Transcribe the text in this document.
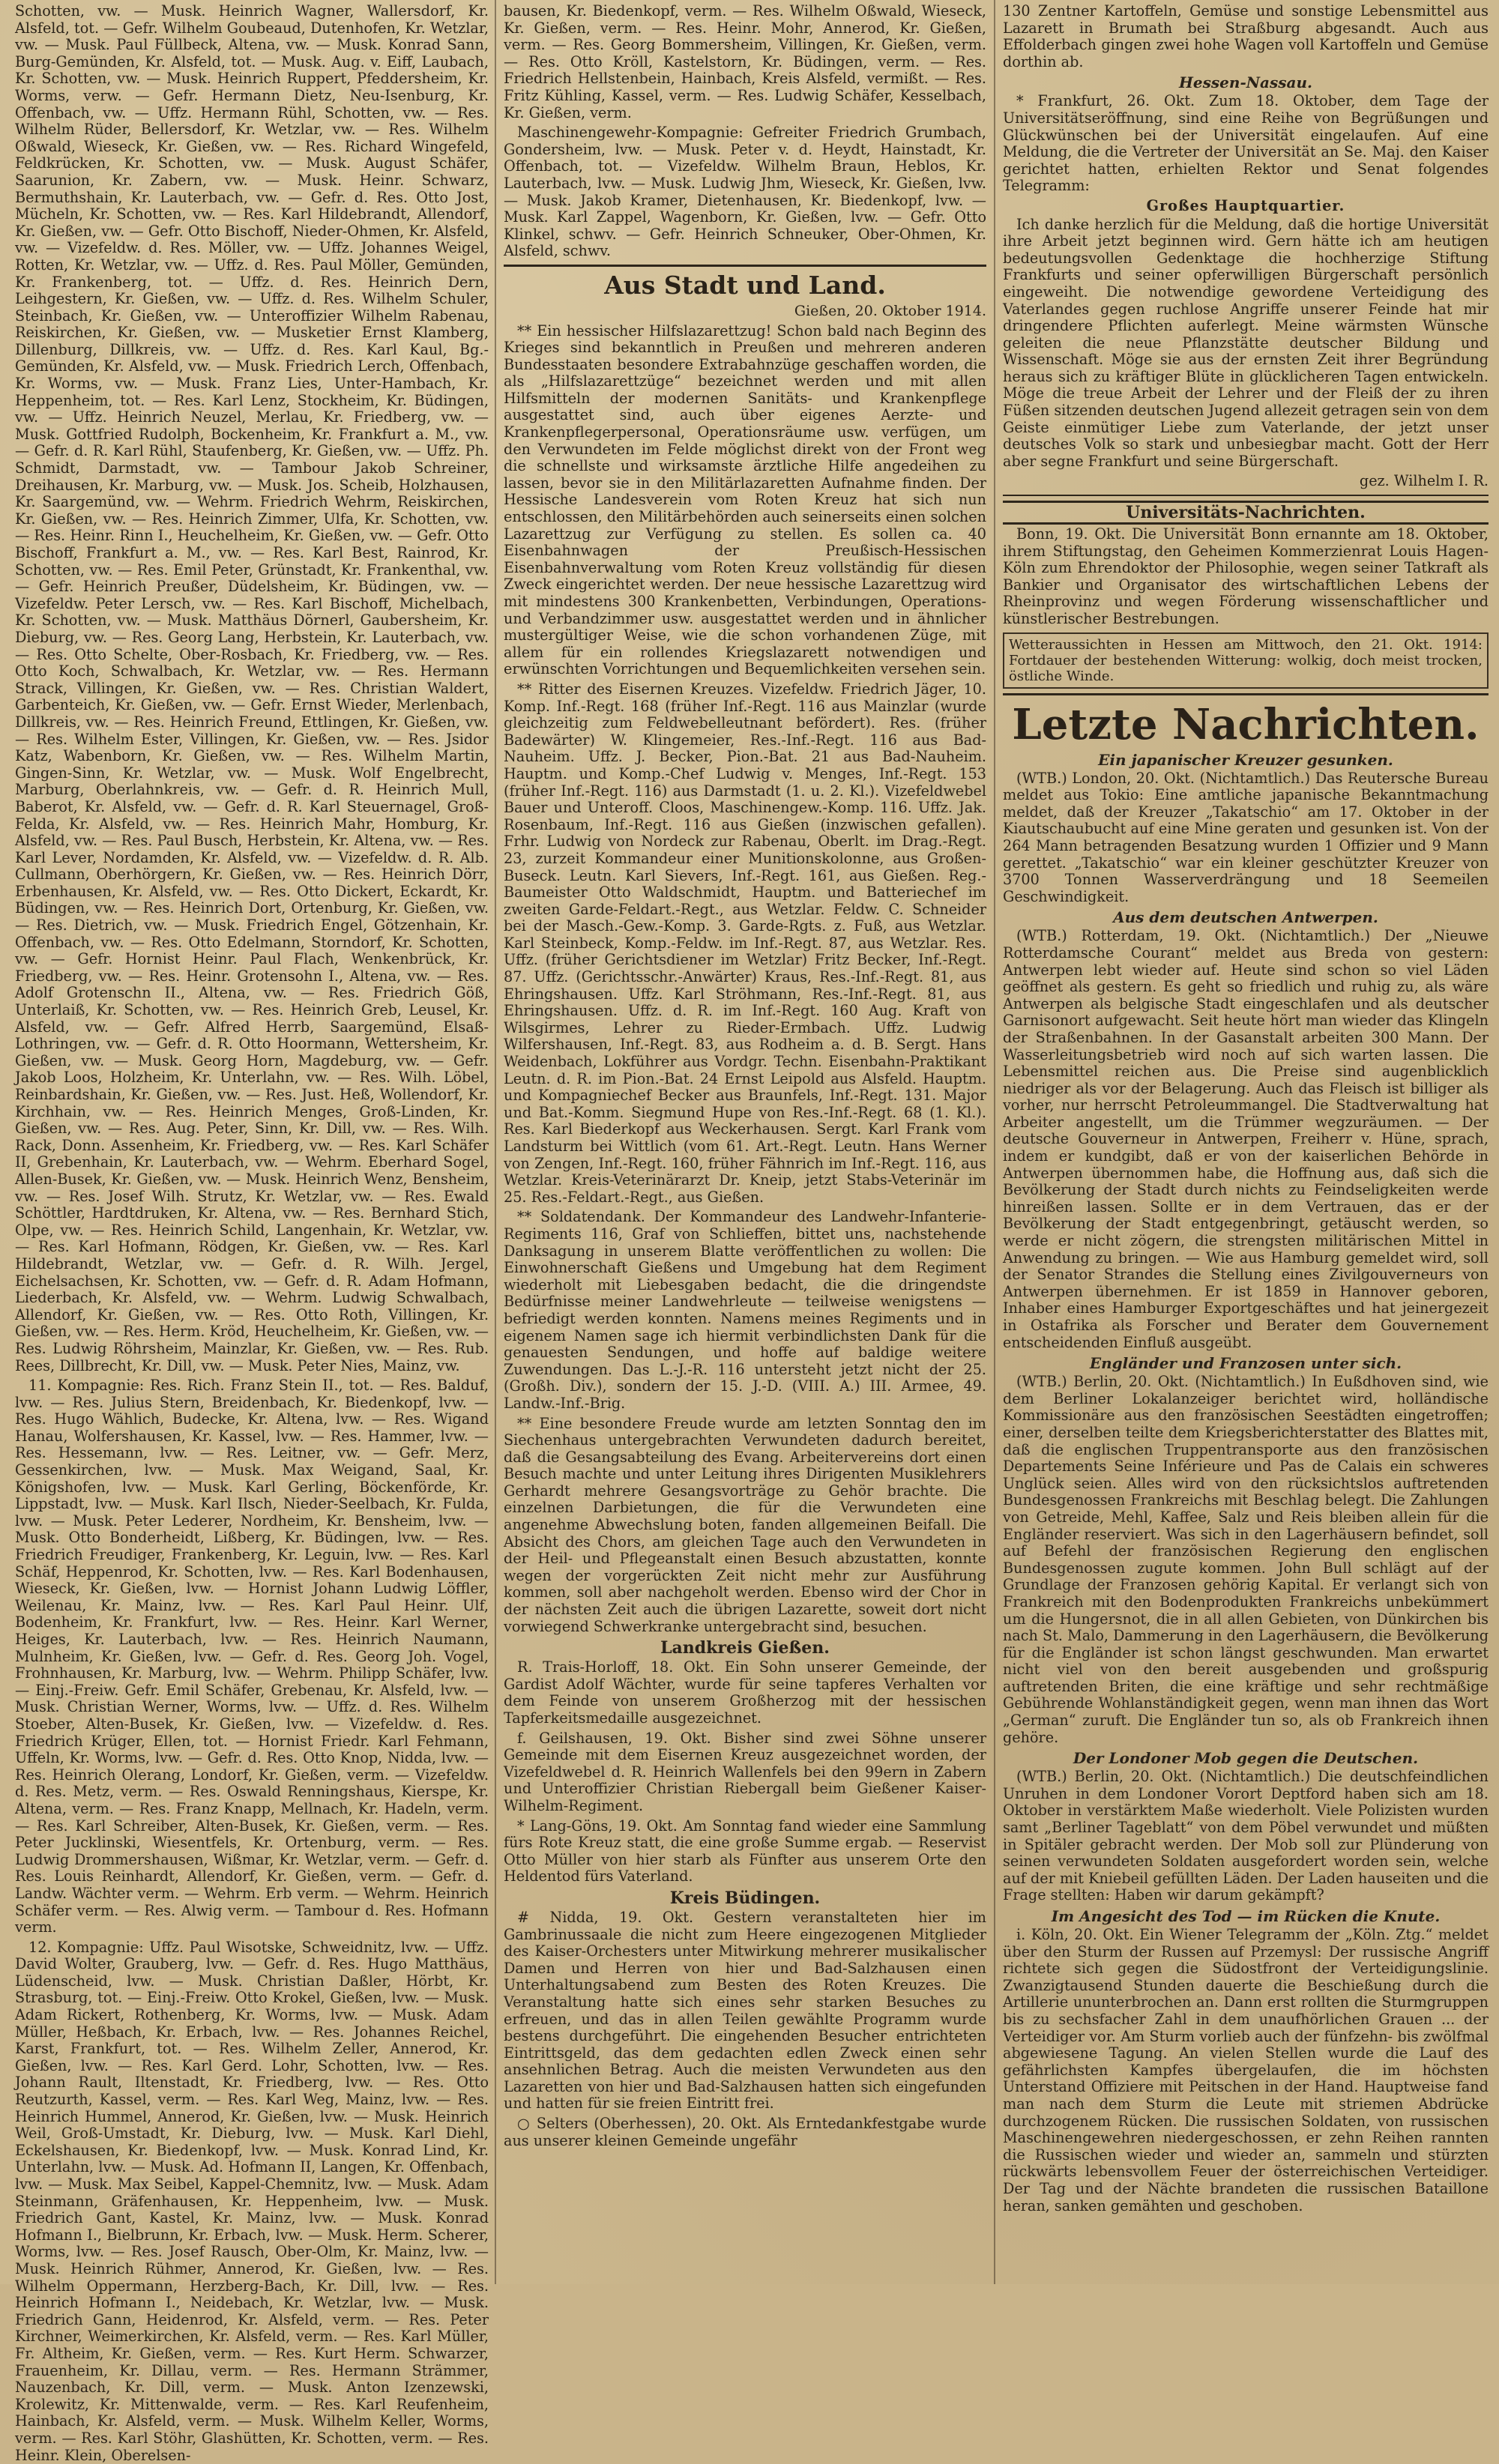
Schotten, vw. — Musk. Heinrich Wagner, Wallersdorf, Kr. Alsfeld, tot. — Gefr. Wilhelm Goubeaud, Dutenhofen, Kr. Wetzlar, vw. — Musk. Paul Füllbeck, Altena, vw. — Musk. Konrad Sann, Burg-Gemünden, Kr. Alsfeld, tot. — Musk. Aug. v. Eiff, Laubach, Kr. Schotten, vw. — Musk. Heinrich Ruppert, Pfeddersheim, Kr. Worms, verw. — Gefr. Hermann Dietz, Neu-Isenburg, Kr. Offenbach, vw. — Uffz. Hermann Rühl, Schotten, vw. — Res. Wilhelm Rüder, Bellersdorf, Kr. Wetzlar, vw. — Res. Wilhelm Oßwald, Wieseck, Kr. Gießen, vw. — Res. Richard Wingefeld, Feldkrücken, Kr. Schotten, vw. — Musk. August Schäfer, Saarunion, Kr. Zabern, vw. — Musk. Heinr. Schwarz, Bermuthshain, Kr. Lauterbach, vw. — Gefr. d. Res. Otto Jost, Mücheln, Kr. Schotten, vw. — Res. Karl Hildebrandt, Allendorf, Kr. Gießen, vw. — Gefr. Otto Bischoff, Nieder-Ohmen, Kr. Alsfeld, vw. — Vizefeldw. d. Res. Möller, vw. — Uffz. Johannes Weigel, Rotten, Kr. Wetzlar, vw. — Uffz. d. Res. Paul Möller, Gemünden, Kr. Frankenberg, tot. — Uffz. d. Res. Heinrich Dern, Leihgestern, Kr. Gießen, vw. — Uffz. d. Res. Wilhelm Schuler, Steinbach, Kr. Gießen, vw. — Unteroffizier Wilhelm Rabenau, Reiskirchen, Kr. Gießen, vw. — Musketier Ernst Klamberg, Dillenburg, Dillkreis, vw. — Uffz. d. Res. Karl Kaul, Bg.-Gemünden, Kr. Alsfeld, vw. — Musk. Friedrich Lerch, Offenbach, Kr. Worms, vw. — Musk. Franz Lies, Unter-Hambach, Kr. Heppenheim, tot. — Res. Karl Lenz, Stockheim, Kr. Büdingen, vw. — Uffz. Heinrich Neuzel, Merlau, Kr. Friedberg, vw. — Musk. Gottfried Rudolph, Bockenheim, Kr. Frankfurt a. M., vw. — Gefr. d. R. Karl Rühl, Staufenberg, Kr. Gießen, vw. — Uffz. Ph. Schmidt, Darmstadt, vw. — Tambour Jakob Schreiner, Dreihausen, Kr. Marburg, vw. — Musk. Jos. Scheib, Holzhausen, Kr. Saargemünd, vw. — Wehrm. Friedrich Wehrm, Reiskirchen, Kr. Gießen, vw. — Res. Heinrich Zimmer, Ulfa, Kr. Schotten, vw. — Res. Heinr. Rinn I., Heuchelheim, Kr. Gießen, vw. — Gefr. Otto Bischoff, Frankfurt a. M., vw. — Res. Karl Best, Rainrod, Kr. Schotten, vw. — Res. Emil Peter, Grünstadt, Kr. Frankenthal, vw. — Gefr. Heinrich Preußer, Düdelsheim, Kr. Büdingen, vw. — Vizefeldw. Peter Lersch, vw. — Res. Karl Bischoff, Michelbach, Kr. Schotten, vw. — Musk. Matthäus Dörnerl, Gaubersheim, Kr. Dieburg, vw. — Res. Georg Lang, Herbstein, Kr. Lauterbach, vw. — Res. Otto Schelte, Ober-Rosbach, Kr. Friedberg, vw. — Res. Otto Koch, Schwalbach, Kr. Wetzlar, vw. — Res. Hermann Strack, Villingen, Kr. Gießen, vw. — Res. Christian Waldert, Garbenteich, Kr. Gießen, vw. — Gefr. Ernst Wieder, Merlenbach, Dillkreis, vw. — Res. Heinrich Freund, Ettlingen, Kr. Gießen, vw. — Res. Wilhelm Ester, Villingen, Kr. Gießen, vw. — Res. Jsidor Katz, Wabenborn, Kr. Gießen, vw. — Res. Wilhelm Martin, Gingen-Sinn, Kr. Wetzlar, vw. — Musk. Wolf Engelbrecht, Marburg, Oberlahnkreis, vw. — Gefr. d. R. Heinrich Mull, Baberot, Kr. Alsfeld, vw. — Gefr. d. R. Karl Steuernagel, Groß-Felda, Kr. Alsfeld, vw. — Res. Heinrich Mahr, Homburg, Kr. Alsfeld, vw. — Res. Paul Busch, Herbstein, Kr. Altena, vw. — Res. Karl Lever, Nordamden, Kr. Alsfeld, vw. — Vizefeldw. d. R. Alb. Cullmann, Oberhörgern, Kr. Gießen, vw. — Res. Heinrich Dörr, Erbenhausen, Kr. Alsfeld, vw. — Res. Otto Dickert, Eckardt, Kr. Büdingen, vw. — Res. Heinrich Dort, Ortenburg, Kr. Gießen, vw. — Res. Dietrich, vw. — Musk. Friedrich Engel, Götzenhain, Kr. Offenbach, vw. — Res. Otto Edelmann, Storndorf, Kr. Schotten, vw. — Gefr. Hornist Heinr. Paul Flach, Wenkenbrück, Kr. Friedberg, vw. — Res. Heinr. Grotensohn I., Altena, vw. — Res. Adolf Grotenschn II., Altena, vw. — Res. Friedrich Göß, Unterlaiß, Kr. Schotten, vw. — Res. Heinrich Greb, Leusel, Kr. Alsfeld, vw. — Gefr. Alfred Herrb, Saargemünd, Elsaß-Lothringen, vw. — Gefr. d. R. Otto Hoormann, Wettersheim, Kr. Gießen, vw. — Musk. Georg Horn, Magdeburg, vw. — Gefr. Jakob Loos, Holzheim, Kr. Unterlahn, vw. — Res. Wilh. Löbel, Reinbardshain, Kr. Gießen, vw. — Res. Just. Heß, Wollendorf, Kr. Kirchhain, vw. — Res. Heinrich Menges, Groß-Linden, Kr. Gießen, vw. — Res. Aug. Peter, Sinn, Kr. Dill, vw. — Res. Wilh. Rack, Donn. Assenheim, Kr. Friedberg, vw. — Res. Karl Schäfer II, Grebenhain, Kr. Lauterbach, vw. — Wehrm. Eberhard Sogel, Allen-Busek, Kr. Gießen, vw. — Musk. Heinrich Wenz, Bensheim, vw. — Res. Josef Wilh. Strutz, Kr. Wetzlar, vw. — Res. Ewald Schöttler, Hardtdruken, Kr. Altena, vw. — Res. Bernhard Stich, Olpe, vw. — Res. Heinrich Schild, Langenhain, Kr. Wetzlar, vw. — Res. Karl Hofmann, Rödgen, Kr. Gießen, vw. — Res. Karl Hildebrandt, Wetzlar, vw. — Gefr. d. R. Wilh. Jergel, Eichelsachsen, Kr. Schotten, vw. — Gefr. d. R. Adam Hofmann, Liederbach, Kr. Alsfeld, vw. — Wehrm. Ludwig Schwalbach, Allendorf, Kr. Gießen, vw. — Res. Otto Roth, Villingen, Kr. Gießen, vw. — Res. Herm. Kröd, Heuchelheim, Kr. Gießen, vw. — Res. Ludwig Röhrsheim, Mainzlar, Kr. Gießen, vw. — Res. Rub. Rees, Dillbrecht, Kr. Dill, vw. — Musk. Peter Nies, Mainz, vw.

11. Kompagnie: Res. Rich. Franz Stein II., tot. — Res. Balduf, lvw. — Res. Julius Stern, Breidenbach, Kr. Biedenkopf, lvw. — Res. Hugo Wählich, Budecke, Kr. Altena, lvw. — Res. Wigand Hanau, Wolfershausen, Kr. Kassel, lvw. — Res. Hammer, lvw. — Res. Hessemann, lvw. — Res. Leitner, vw. — Gefr. Merz, Gessenkirchen, lvw. — Musk. Max Weigand, Saal, Kr. Königshofen, lvw. — Musk. Karl Gerling, Böckenförde, Kr. Lippstadt, lvw. — Musk. Karl Ilsch, Nieder-Seelbach, Kr. Fulda, lvw. — Musk. Peter Lederer, Nordheim, Kr. Bensheim, lvw. — Musk. Otto Bonderheidt, Lißberg, Kr. Büdingen, lvw. — Res. Friedrich Freudiger, Frankenberg, Kr. Leguin, lvw. — Res. Karl Schäf, Heppenrod, Kr. Schotten, lvw. — Res. Karl Bodenhausen, Wieseck, Kr. Gießen, lvw. — Hornist Johann Ludwig Löffler, Weilenau, Kr. Mainz, lvw. — Res. Karl Paul Heinr. Ulf, Bodenheim, Kr. Frankfurt, lvw. — Res. Heinr. Karl Werner, Heiges, Kr. Lauterbach, lvw. — Res. Heinrich Naumann, Mulnheim, Kr. Gießen, lvw. — Gefr. d. Res. Georg Joh. Vogel, Frohnhausen, Kr. Marburg, lvw. — Wehrm. Philipp Schäfer, lvw. — Einj.-Freiw. Gefr. Emil Schäfer, Grebenau, Kr. Alsfeld, lvw. — Musk. Christian Werner, Worms, lvw. — Uffz. d. Res. Wilhelm Stoeber, Alten-Busek, Kr. Gießen, lvw. — Vizefeldw. d. Res. Friedrich Krüger, Ellen, tot. — Hornist Friedr. Karl Fehmann, Uffeln, Kr. Worms, lvw. — Gefr. d. Res. Otto Knop, Nidda, lvw. — Res. Heinrich Olerang, Londorf, Kr. Gießen, verm. — Vizefeldw. d. Res. Metz, verm. — Res. Oswald Renningshaus, Kierspe, Kr. Altena, verm. — Res. Franz Knapp, Mellnach, Kr. Hadeln, verm. — Res. Karl Schreiber, Alten-Busek, Kr. Gießen, verm. — Res. Peter Jucklinski, Wiesentfels, Kr. Ortenburg, verm. — Res. Ludwig Drommershausen, Wißmar, Kr. Wetzlar, verm. — Gefr. d. Res. Louis Reinhardt, Allendorf, Kr. Gießen, verm. — Gefr. d. Landw. Wächter verm. — Wehrm. Erb verm. — Wehrm. Heinrich Schäfer verm. — Res. Alwig verm. — Tambour d. Res. Hofmann verm.

12. Kompagnie: Uffz. Paul Wisotske, Schweidnitz, lvw. — Uffz. David Wolter, Grauberg, lvw. — Gefr. d. Res. Hugo Matthäus, Lüdenscheid, lvw. — Musk. Christian Daßler, Hörbt, Kr. Strasburg, tot. — Einj.-Freiw. Otto Krokel, Gießen, lvw. — Musk. Adam Rickert, Rothenberg, Kr. Worms, lvw. — Musk. Adam Müller, Heßbach, Kr. Erbach, lvw. — Res. Johannes Reichel, Karst, Frankfurt, tot. — Res. Wilhelm Zeller, Annerod, Kr. Gießen, lvw. — Res. Karl Gerd. Lohr, Schotten, lvw. — Res. Johann Rault, Iltenstadt, Kr. Friedberg, lvw. — Res. Otto Reutzurth, Kassel, verm. — Res. Karl Weg, Mainz, lvw. — Res. Heinrich Hummel, Annerod, Kr. Gießen, lvw. — Musk. Heinrich Weil, Groß-Umstadt, Kr. Dieburg, lvw. — Musk. Karl Diehl, Eckelshausen, Kr. Biedenkopf, lvw. — Musk. Konrad Lind, Kr. Unterlahn, lvw. — Musk. Ad. Hofmann II, Langen, Kr. Offenbach, lvw. — Musk. Max Seibel, Kappel-Chemnitz, lvw. — Musk. Adam Steinmann, Gräfenhausen, Kr. Heppenheim, lvw. — Musk. Friedrich Gant, Kastel, Kr. Mainz, lvw. — Musk. Konrad Hofmann I., Bielbrunn, Kr. Erbach, lvw. — Musk. Herm. Scherer, Worms, lvw. — Res. Josef Rausch, Ober-Olm, Kr. Mainz, lvw. — Musk. Heinrich Rühmer, Annerod, Kr. Gießen, lvw. — Res. Wilhelm Oppermann, Herzberg-Bach, Kr. Dill, lvw. — Res. Heinrich Hofmann I., Neidebach, Kr. Wetzlar, lvw. — Musk. Friedrich Gann, Heidenrod, Kr. Alsfeld, verm. — Res. Peter Kirchner, Weimerkirchen, Kr. Alsfeld, verm. — Res. Karl Müller, Fr. Altheim, Kr. Gießen, verm. — Res. Kurt Herm. Schwarzer, Frauenheim, Kr. Dillau, verm. — Res. Hermann Strämmer, Nauzenbach, Kr. Dill, verm. — Musk. Anton Izenzewski, Krolewitz, Kr. Mittenwalde, verm. — Res. Karl Reufenheim, Hainbach, Kr. Alsfeld, verm. — Musk. Wilhelm Keller, Worms, verm. — Res. Karl Stöhr, Glashütten, Kr. Schotten, verm. — Res. Heinr. Klein, Oberelsen-

bausen, Kr. Biedenkopf, verm. — Res. Wilhelm Oßwald, Wieseck, Kr. Gießen, verm. — Res. Heinr. Mohr, Annerod, Kr. Gießen, verm. — Res. Georg Bommersheim, Villingen, Kr. Gießen, verm. — Res. Otto Kröll, Kastelstorn, Kr. Büdingen, verm. — Res. Friedrich Hellstenbein, Hainbach, Kreis Alsfeld, vermißt. — Res. Fritz Kühling, Kassel, verm. — Res. Ludwig Schäfer, Kesselbach, Kr. Gießen, verm.

Maschinengewehr-Kompagnie: Gefreiter Friedrich Grumbach, Gondersheim, lvw. — Musk. Peter v. d. Heydt, Hainstadt, Kr. Offenbach, tot. — Vizefeldw. Wilhelm Braun, Heblos, Kr. Lauterbach, lvw. — Musk. Ludwig Jhm, Wieseck, Kr. Gießen, lvw. — Musk. Jakob Kramer, Dietenhausen, Kr. Biedenkopf, lvw. — Musk. Karl Zappel, Wagenborn, Kr. Gießen, lvw. — Gefr. Otto Klinkel, schwv. — Gefr. Heinrich Schneuker, Ober-Ohmen, Kr. Alsfeld, schwv.

Aus Stadt und Land.
Gießen, 20. Oktober 1914.

** Ein hessischer Hilfslazarettzug! Schon bald nach Beginn des Krieges sind bekanntlich in Preußen und mehreren anderen Bundesstaaten besondere Extrabahnzüge geschaffen worden, die als „Hilfslazarettzüge“ bezeichnet werden und mit allen Hilfsmitteln der modernen Sanitäts- und Krankenpflege ausgestattet sind, auch über eigenes Aerzte- und Krankenpflegerpersonal, Operationsräume usw. verfügen, um den Verwundeten im Felde möglichst direkt von der Front weg die schnellste und wirksamste ärztliche Hilfe angedeihen zu lassen, bevor sie in den Militärlazaretten Aufnahme finden. Der Hessische Landesverein vom Roten Kreuz hat sich nun entschlossen, den Militärbehörden auch seinerseits einen solchen Lazarettzug zur Verfügung zu stellen. Es sollen ca. 40 Eisenbahnwagen der Preußisch-Hessischen Eisenbahnverwaltung vom Roten Kreuz vollständig für diesen Zweck eingerichtet werden. Der neue hessische Lazarettzug wird mit mindestens 300 Krankenbetten, Verbindungen, Operations- und Verbandzimmer usw. ausgestattet werden und in ähnlicher mustergültiger Weise, wie die schon vorhandenen Züge, mit allem für ein rollendes Kriegslazarett notwendigen und erwünschten Vorrichtungen und Bequemlichkeiten versehen sein.

** Ritter des Eisernen Kreuzes. Vizefeldw. Friedrich Jäger, 10. Komp. Inf.-Regt. 168 (früher Inf.-Regt. 116 aus Mainzlar (wurde gleichzeitig zum Feldwebelleutnant befördert). Res. (früher Badewärter) W. Klingemeier, Res.-Inf.-Regt. 116 aus Bad-Nauheim. Uffz. J. Becker, Pion.-Bat. 21 aus Bad-Nauheim. Hauptm. und Komp.-Chef Ludwig v. Menges, Inf.-Regt. 153 (früher Inf.-Regt. 116) aus Darmstadt (1. u. 2. Kl.). Vizefeldwebel Bauer und Unteroff. Cloos, Maschinengew.-Komp. 116. Uffz. Jak. Rosenbaum, Inf.-Regt. 116 aus Gießen (inzwischen gefallen). Frhr. Ludwig von Nordeck zur Rabenau, Oberlt. im Drag.-Regt. 23, zurzeit Kommandeur einer Munitionskolonne, aus Großen-Buseck. Leutn. Karl Sievers, Inf.-Regt. 161, aus Gießen. Reg.-Baumeister Otto Waldschmidt, Hauptm. und Batteriechef im zweiten Garde-Feldart.-Regt., aus Wetzlar. Feldw. C. Schneider bei der Masch.-Gew.-Komp. 3. Garde-Rgts. z. Fuß, aus Wetzlar. Karl Steinbeck, Komp.-Feldw. im Inf.-Regt. 87, aus Wetzlar. Res. Uffz. (früher Gerichtsdiener im Wetzlar) Fritz Becker, Inf.-Regt. 87. Uffz. (Gerichtsschr.-Anwärter) Kraus, Res.-Inf.-Regt. 81, aus Ehringshausen. Uffz. Karl Ströhmann, Res.-Inf.-Regt. 81, aus Ehringshausen. Uffz. d. R. im Inf.-Regt. 160 Aug. Kraft von Wilsgirmes, Lehrer zu Rieder-Ermbach. Uffz. Ludwig Wilfershausen, Inf.-Regt. 83, aus Rodheim a. d. B. Sergt. Hans Weidenbach, Lokführer aus Vordgr. Techn. Eisenbahn-Praktikant Leutn. d. R. im Pion.-Bat. 24 Ernst Leipold aus Alsfeld. Hauptm. und Kompagniechef Becker aus Braunfels, Inf.-Regt. 131. Major und Bat.-Komm. Siegmund Hupe von Res.-Inf.-Regt. 68 (1. Kl.). Res. Karl Biederkopf aus Weckerhausen. Sergt. Karl Frank vom Landsturm bei Wittlich (vom 61. Art.-Regt. Leutn. Hans Werner von Zengen, Inf.-Regt. 160, früher Fähnrich im Inf.-Regt. 116, aus Wetzlar. Kreis-Veterinärarzt Dr. Kneip, jetzt Stabs-Veterinär im 25. Res.-Feldart.-Regt., aus Gießen.

** Soldatendank. Der Kommandeur des Landwehr-Infanterie-Regiments 116, Graf von Schlieffen, bittet uns, nachstehende Danksagung in unserem Blatte veröffentlichen zu wollen: Die Einwohnerschaft Gießens und Umgebung hat dem Regiment wiederholt mit Liebesgaben bedacht, die die dringendste Bedürfnisse meiner Landwehrleute — teilweise wenigstens — befriedigt werden konnten. Namens meines Regiments und in eigenem Namen sage ich hiermit verbindlichsten Dank für die genauesten Sendungen, und hoffe auf baldige weitere Zuwendungen. Das L.-J.-R. 116 untersteht jetzt nicht der 25. (Großh. Div.), sondern der 15. J.-D. (VIII. A.) III. Armee, 49. Landw.-Inf.-Brig.

** Eine besondere Freude wurde am letzten Sonntag den im Siechenhaus untergebrachten Verwundeten dadurch bereitet, daß die Gesangsabteilung des Evang. Arbeitervereins dort einen Besuch machte und unter Leitung ihres Dirigenten Musiklehrers Gerhardt mehrere Gesangsvorträge zu Gehör brachte. Die einzelnen Darbietungen, die für die Verwundeten eine angenehme Abwechslung boten, fanden allgemeinen Beifall. Die Absicht des Chors, am gleichen Tage auch den Verwundeten in der Heil- und Pflegeanstalt einen Besuch abzustatten, konnte wegen der vorgerückten Zeit nicht mehr zur Ausführung kommen, soll aber nachgeholt werden. Ebenso wird der Chor in der nächsten Zeit auch die übrigen Lazarette, soweit dort nicht vorwiegend Schwerkranke untergebracht sind, besuchen.

Landkreis Gießen.

R. Trais-Horloff, 18. Okt. Ein Sohn unserer Gemeinde, der Gardist Adolf Wächter, wurde für seine tapferes Verhalten vor dem Feinde von unserem Großherzog mit der hessischen Tapferkeitsmedaille ausgezeichnet.

f. Geilshausen, 19. Okt. Bisher sind zwei Söhne unserer Gemeinde mit dem Eisernen Kreuz ausgezeichnet worden, der Vizefeldwebel d. R. Heinrich Wallenfels bei den 99ern in Zabern und Unteroffizier Christian Riebergall beim Gießener Kaiser-Wilhelm-Regiment.

* Lang-Göns, 19. Okt. Am Sonntag fand wieder eine Sammlung fürs Rote Kreuz statt, die eine große Summe ergab. — Reservist Otto Müller von hier starb als Fünfter aus unserem Orte den Heldentod fürs Vaterland.

Kreis Büdingen.

# Nidda, 19. Okt. Gestern veranstalteten hier im Gambrinussaale die nicht zum Heere eingezogenen Mitglieder des Kaiser-Orchesters unter Mitwirkung mehrerer musikalischer Damen und Herren von hier und Bad-Salzhausen einen Unterhaltungsabend zum Besten des Roten Kreuzes. Die Veranstaltung hatte sich eines sehr starken Besuches zu erfreuen, und das in allen Teilen gewählte Programm wurde bestens durchgeführt. Die eingehenden Besucher entrichteten Eintrittsgeld, das dem gedachten edlen Zweck einen sehr ansehnlichen Betrag. Auch die meisten Verwundeten aus den Lazaretten von hier und Bad-Salzhausen hatten sich eingefunden und hatten für sie freien Eintritt frei.

○ Selters (Oberhessen), 20. Okt. Als Erntedankfestgabe wurde aus unserer kleinen Gemeinde ungefähr

130 Zentner Kartoffeln, Gemüse und sonstige Lebensmittel aus Lazarett in Brumath bei Straßburg abgesandt. Auch aus Effolderbach gingen zwei hohe Wagen voll Kartoffeln und Gemüse dorthin ab.

Hessen-Nassau.

* Frankfurt, 26. Okt. Zum 18. Oktober, dem Tage der Universitätseröffnung, sind eine Reihe von Begrüßungen und Glückwünschen bei der Universität eingelaufen. Auf eine Meldung, die die Vertreter der Universität an Se. Maj. den Kaiser gerichtet hatten, erhielten Rektor und Senat folgendes Telegramm:

Großes Hauptquartier.

Ich danke herzlich für die Meldung, daß die hortige Universität ihre Arbeit jetzt beginnen wird. Gern hätte ich am heutigen bedeutungsvollen Gedenktage die hochherzige Stiftung Frankfurts und seiner opferwilligen Bürgerschaft persönlich eingeweiht. Die notwendige gewordene Verteidigung des Vaterlandes gegen ruchlose Angriffe unserer Feinde hat mir dringendere Pflichten auferlegt. Meine wärmsten Wünsche geleiten die neue Pflanzstätte deutscher Bildung und Wissenschaft. Möge sie aus der ernsten Zeit ihrer Begründung heraus sich zu kräftiger Blüte in glücklicheren Tagen entwickeln. Möge die treue Arbeit der Lehrer und der Fleiß der zu ihren Füßen sitzenden deutschen Jugend allezeit getragen sein von dem Geiste einmütiger Liebe zum Vaterlande, der jetzt unser deutsches Volk so stark und unbesiegbar macht. Gott der Herr aber segne Frankfurt und seine Bürgerschaft.

gez. Wilhelm I. R.
Universitäts-Nachrichten.

Bonn, 19. Okt. Die Universität Bonn ernannte am 18. Oktober, ihrem Stiftungstag, den Geheimen Kommerzienrat Louis Hagen-Köln zum Ehrendoktor der Philosophie, wegen seiner Tatkraft als Bankier und Organisator des wirtschaftlichen Lebens der Rheinprovinz und wegen Förderung wissenschaftlicher und künstlerischer Bestrebungen.

Wetteraussichten in Hessen am Mittwoch, den 21. Okt. 1914: Fortdauer der bestehenden Witterung: wolkig, doch meist trocken, östliche Winde.
Letzte Nachrichten.
Ein japanischer Kreuzer gesunken.

(WTB.) London, 20. Okt. (Nichtamtlich.) Das Reutersche Bureau meldet aus Tokio: Eine amtliche japanische Bekanntmachung meldet, daß der Kreuzer „Takatschio“ am 17. Oktober in der Kiautschaubucht auf eine Mine geraten und gesunken ist. Von der 264 Mann betragenden Besatzung wurden 1 Offizier und 9 Mann gerettet. „Takatschio“ war ein kleiner geschützter Kreuzer von 3700 Tonnen Wasserverdrängung und 18 Seemeilen Geschwindigkeit.

Aus dem deutschen Antwerpen.

(WTB.) Rotterdam, 19. Okt. (Nichtamtlich.) Der „Nieuwe Rotterdamsche Courant“ meldet aus Breda von gestern: Antwerpen lebt wieder auf. Heute sind schon so viel Läden geöffnet als gestern. Es geht so friedlich und ruhig zu, als wäre Antwerpen als belgische Stadt eingeschlafen und als deutscher Garnisonort aufgewacht. Seit heute hört man wieder das Klingeln der Straßenbahnen. In der Gasanstalt arbeiten 300 Mann. Der Wasserleitungsbetrieb wird noch auf sich warten lassen. Die Lebensmittel reichen aus. Die Preise sind augenblicklich niedriger als vor der Belagerung. Auch das Fleisch ist billiger als vorher, nur herrscht Petroleummangel. Die Stadtverwaltung hat Arbeiter angestellt, um die Trümmer wegzuräumen. — Der deutsche Gouverneur in Antwerpen, Freiherr v. Hüne, sprach, indem er kundgibt, daß er von der kaiserlichen Behörde in Antwerpen übernommen habe, die Hoffnung aus, daß sich die Bevölkerung der Stadt durch nichts zu Feindseligkeiten werde hinreißen lassen. Sollte er in dem Vertrauen, das er der Bevölkerung der Stadt entgegenbringt, getäuscht werden, so werde er nicht zögern, die strengsten militärischen Mittel in Anwendung zu bringen. — Wie aus Hamburg gemeldet wird, soll der Senator Strandes die Stellung eines Zivilgouverneurs von Antwerpen übernehmen. Er ist 1859 in Hannover geboren, Inhaber eines Hamburger Exportgeschäftes und hat jeinergezeit in Ostafrika als Forscher und Berater dem Gouvernement entscheidenden Einfluß ausgeübt.

Engländer und Franzosen unter sich.

(WTB.) Berlin, 20. Okt. (Nichtamtlich.) In Eußdhoven sind, wie dem Berliner Lokalanzeiger berichtet wird, holländische Kommissionäre aus den französischen Seestädten eingetroffen; einer, derselben teilte dem Kriegsberichterstatter des Blattes mit, daß die englischen Truppentransporte aus den französischen Departements Seine Inférieure und Pas de Calais ein schweres Unglück seien. Alles wird von den rücksichtslos auftretenden Bundesgenossen Frankreichs mit Beschlag belegt. Die Zahlungen von Getreide, Mehl, Kaffee, Salz und Reis bleiben allein für die Engländer reserviert. Was sich in den Lagerhäusern befindet, soll auf Befehl der französischen Regierung den englischen Bundesgenossen zugute kommen. John Bull schlägt auf der Grundlage der Franzosen gehörig Kapital. Er verlangt sich von Frankreich mit den Bodenprodukten Frankreichs unbekümmert um die Hungersnot, die in all allen Gebieten, von Dünkirchen bis nach St. Malo, Dammerung in den Lagerhäusern, die Bevölkerung für die Engländer ist schon längst geschwunden. Man erwartet nicht viel von den bereit ausgebenden und großspurig auftretenden Briten, die eine kräftige und sehr rechtmäßige Gebührende Wohlanständigkeit gegen, wenn man ihnen das Wort „German“ zuruft. Die Engländer tun so, als ob Frankreich ihnen gehöre.

Der Londoner Mob gegen die Deutschen.

(WTB.) Berlin, 20. Okt. (Nichtamtlich.) Die deutschfeindlichen Unruhen in dem Londoner Vorort Deptford haben sich am 18. Oktober in verstärktem Maße wiederholt. Viele Polizisten wurden samt „Berliner Tageblatt“ von dem Pöbel verwundet und müßten in Spitäler gebracht werden. Der Mob soll zur Plünderung von seinen verwundeten Soldaten ausgefordert worden sein, welche auf der mit Kniebeil gefüllten Läden. Der Laden hauseiten und die Frage stellten: Haben wir darum gekämpft?

Im Angesicht des Tod — im Rücken die Knute.

i. Köln, 20. Okt. Ein Wiener Telegramm der „Köln. Ztg.“ meldet über den Sturm der Russen auf Przemysl: Der russische Angriff richtete sich gegen die Südostfront der Verteidigungslinie. Zwanzigtausend Stunden dauerte die Beschießung durch die Artillerie ununterbrochen an. Dann erst rollten die Sturmgruppen bis zu sechsfacher Zahl in dem unaufhörlichen Grauen ... der Verteidiger vor. Am Sturm vorlieb auch der fünfzehn- bis zwölfmal abgewiesene Tagung. An vielen Stellen wurde die Lauf des gefährlichsten Kampfes übergelaufen, die im höchsten Unterstand Offiziere mit Peitschen in der Hand. Hauptweise fand man nach dem Sturm die Leute mit striemen Abdrücke durchzogenem Rücken. Die russischen Soldaten, von russischen Maschinengewehren niedergeschossen, er zehn Reihen rannten die Russischen wieder und wieder an, sammeln und stürzten rückwärts lebensvollem Feuer der österreichischen Verteidiger. Der Tag und der Nächte brandeten die russischen Bataillone heran, sanken gemähten und geschoben.
